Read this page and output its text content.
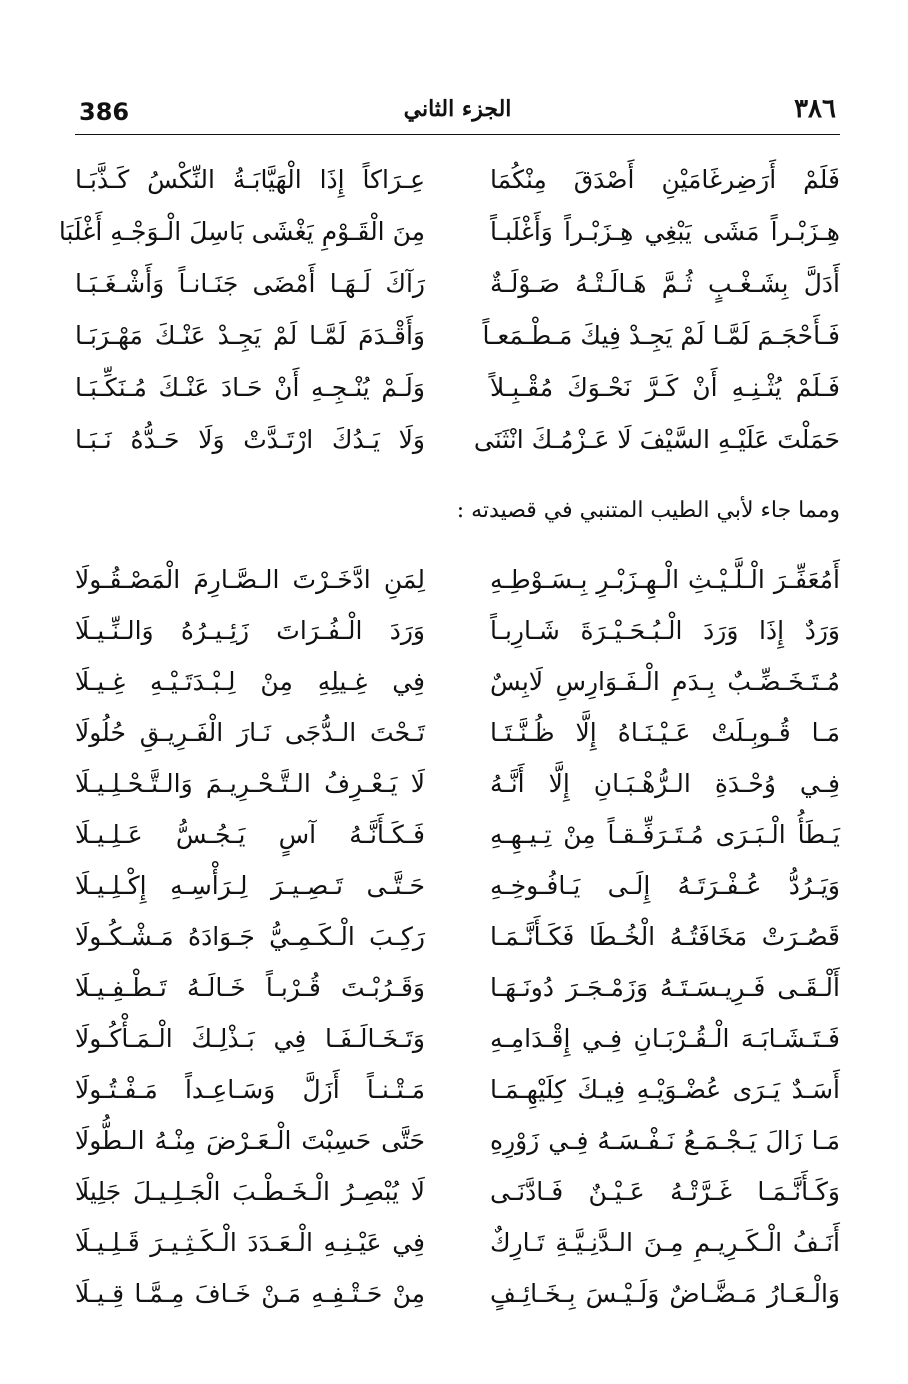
386	الجزء الثاني	٣٨٦
فَلَمْ أَرَضِرغَامَيْنِ أَصْدَقَ مِنْكُمَا
عِـرَاكاً إِذَا الْهَيَّابَـةُ النِّكْسُ كَـذَّبَـا
هِـزَبْـراً مَشَى يَبْغِي هِـزَبْـراً وَأَغْلَبـاً
مِنَ الْقَـوْمِ يَغْشَى بَاسِلَ الْـوَجْـهِ أَغْلَبَا
أَدَلَّ بِشَـغْـبٍ ثُـمَّ هَـالَـتْـهُ صَـوْلَـةٌ
رَآكَ لَـهَـا أَمْضَى جَنَـانـاً وَأَشْـغَـبَـا
فَـأَحْجَـمَ لَمَّـا لَمْ يَجِـدْ فِيكَ مَـطْـمَعـاً
وَأَقْـدَمَ لَمَّـا لَمْ يَجِـدْ عَنْـكَ مَهْـرَبَـا
فَـلَمْ يُثْـنِـهِ أَنْ كَـرَّ نَحْـوَكَ مُقْـبِـلاً
وَلَـمْ يُنْـجِـهِ أَنْ حَـادَ عَنْـكَ مُـنَكِّـبَـا
حَمَلْتَ عَلَيْـهِ السَّيْفَ لَا عَـزْمُـكَ انْثَنَى
وَلَا يَـدُكَ ارْتَـدَّتْ وَلَا حَـدُّهُ نَـبَـا
ومما جاء لأبي الطيب المتنبي في قصيدته :
أَمُعَفِّـرَ الْـلَّـيْـثِ الْـهِـزَبْـرِ بِـسَـوْطِـهِ
لِمَنِ ادَّخَـرْتَ الـصَّـارِمَ الْمَصْـقُـولَا
وَرَدٌ إِذَا وَرَدَ الْـبُـحَـيْـرَةَ شَـارِبـاً
وَرَدَ الْـفُـرَاتَ زَئِـيـرُهُ وَالـنِّـيـلَا
مُـتَـخَـضِّـبٌ بِـدَمِ الْـفَـوَارِسِ لَابِسٌ
فِي غِـيلِهِ مِنْ لِـبْـدَتَـيْـهِ غِـيـلَا
مَـا قُـوبِـلَتْ عَـيْـنَـاهُ إِلَّا ظُـنَّـتَـا
تَـحْتَ الـدُّجَى نَـارَ الْفَـرِيـقِ حُلُولَا
فِـي وُحْـدَةِ الـرُّهْـبَـانِ إِلَّا أَنَّـهُ
لَا يَـعْـرِفُ الـتَّـحْـرِيـمَ وَالـتَّـحْـلِـيـلَا
يَـطَأُ الْـبَـرَى مُـتَـرَفِّـقـاً مِنْ تِـيـهِـهِ
فَـكَـأَنَّـهُ آسٍ يَـجُـسُّ عَـلِـيـلَا
وَيَـرُدُّ عُـفْـرَتَـهُ إِلَـى يَـافُـوخِـهِ
حَـتَّـى تَـصِـيـرَ لِـرَأْسِـهِ إِكْـلِـيـلَا
قَصُـرَتْ مَخَافَتُـهُ الْخُـطَا فَكَـأَنَّـمَـا
رَكِـبَ الْـكَـمِـيُّ جَـوَادَهُ مَـشْـكُـولَا
أَلْـقَـى فَـرِيـسَـتَـهُ وَزَمْـجَـرَ دُونَـهَـا
وَقَـرُبْـتَ قُـرْبـاً خَـالَـهُ تَـطْـفِـيـلَا
فَـتَـشَـابَـهَ الْـقُـرْبَـانِ فِـي إِقْـدَامِـهِ
وَتَـخَـالَـفَـا فِي بَـذْلِـكَ الْـمَـأْكُـولَا
أَسَـدٌ يَـرَى عُضْـوَيْـهِ فِيـكَ كِلَيْهِـمَـا
مَـتْـنـاً أَزَلَّ وَسَـاعِـداً مَـفْـتُـولَا
مَـا زَالَ يَـجْـمَـعُ نَـفْـسَـهُ فِـي زَوْرِهِ
حَتَّى حَسِبْتَ الْـعَـرْضَ مِنْـهُ الـطُّولَا
وَكَـأَنَّـمَـا غَـرَّتْـهُ عَـيْـنٌ فَـادَّنَـى
لَا يُبْصِـرُ الْـخَـطْـبَ الْجَـلِـيـلَ جَلِيلَا
أَنَـفُ الْـكَـرِيـمِ مِـنَ الـدَّنِـيَّـةِ تَـارِكٌ
فِي عَيْـنِـهِ الْـعَـدَدَ الْـكَـثِـيـرَ قَـلِـيـلَا
وَالْـعَـارُ مَـضَّـاضٌ وَلَـيْـسَ بِـخَـائِـفٍ
مِنْ حَـتْـفِـهِ مَـنْ خَـافَ مِـمَّـا قِـيـلَا
